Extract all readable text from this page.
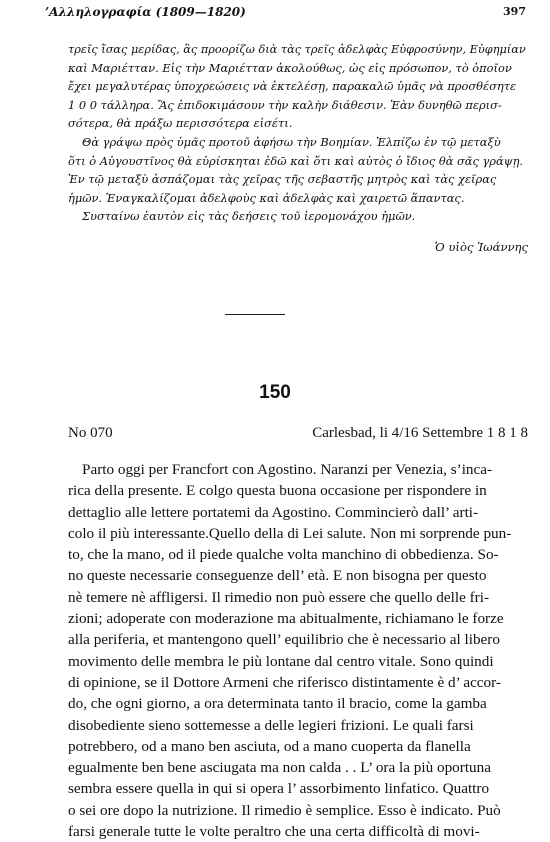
’Αλληλογραφία (1809—1820)	397
τρεῖς ἴσας μερίδας, ἃς προορίζω διὰ τὰς τρεῖς ἀδελφὰς Εὐφροσύνην, Εὐφημίαν
καὶ Μαριέτταν. Εἰς τὴν Μαριέτταν ἀκολούθως, ὡς εἰς πρόσωπον, τὸ ὁποῖον
ἔχει μεγαλυτέρας ὑποχρεώσεις νὰ ἐκτελέσῃ, παρακαλῶ ὑμᾶς νὰ προσθέσητε
1 0 0 τάλληρα. Ἂς ἐπιδοκιμάσουν τὴν καλὴν διάθεσιν. Ἐὰν δυνηθῶ περισ-
σότερα, θὰ πράξω περισσότερα εἰσέτι.
Θὰ γράψω πρὸς ὑμᾶς προτοῦ ἀφήσω τὴν Βοημίαν. Ἐλπίζω ἐν τῷ μεταξὺ
ὅτι ὁ Αὐγουστῖνος θὰ εὑρίσκηται ἐδῶ καὶ ὅτι καὶ αὐτὸς ὁ ἴδιος θὰ σᾶς γράψῃ.
Ἐν τῷ μεταξὺ ἀσπάζομαι τὰς χεῖρας τῆς σεβαστῆς μητρὸς καὶ τὰς χεῖρας
ἡμῶν. Ἐναγκαλίζομαι ἀδελφοὺς καὶ ἀδελφὰς καὶ χαιρετῶ ἅπαντας.
Συσταίνω ἑαυτὸν εἰς τὰς δεήσεις τοῦ ἱερομονάχου ἡμῶν.
Ὁ υἱὸς Ἰωάννης
150
No 070	Carlesbad, li 4/16 Settembre 1 8 1 8
Parto oggi per Francfort con Agostino. Naranzi per Venezia, s’inca-
rica della presente. E colgo questa buona occasione per rispondere in
dettaglio alle lettere portatemi da Agostino. Commincierò dall’ arti-
colo il più interessante.Quello della di Lei salute. Non mi sorprende pun-
to, che la mano, od il piede qualche volta manchino di obbedienza. So-
no queste necessarie conseguenze dell’ età. E non bisogna per questo
nè temere nè affligersi. Il rimedio non può essere che quello delle fri-
zioni; adoperate con moderazione ma abitualmente, richiamano le forze
alla periferia, et mantengono quell’ equilibrio che è necessario al libero
movimento delle membra le più lontane dal centro vitale. Sono quindi
di opinione, se il Dottore Armeni che riferisco distintamente è d’ accor-
do, che ogni giorno, a ora determinata tanto il bracio, come la gamba
disobediente sieno sottemesse a delle legieri frizioni. Le quali farsi
potrebbero, od a mano ben asciuta, od a mano cuoperta da flanella
egualmente ben bene asciugata ma non calda . . L’ ora la più oportuna
sembra essere quella in qui si opera l’ assorbimento linfatico. Quattro
o sei ore dopo la nutrizione. Il rimedio è semplice. Esso è indicato. Può
farsi generale tutte le volte peraltro che una certa difficoltà di movi-
